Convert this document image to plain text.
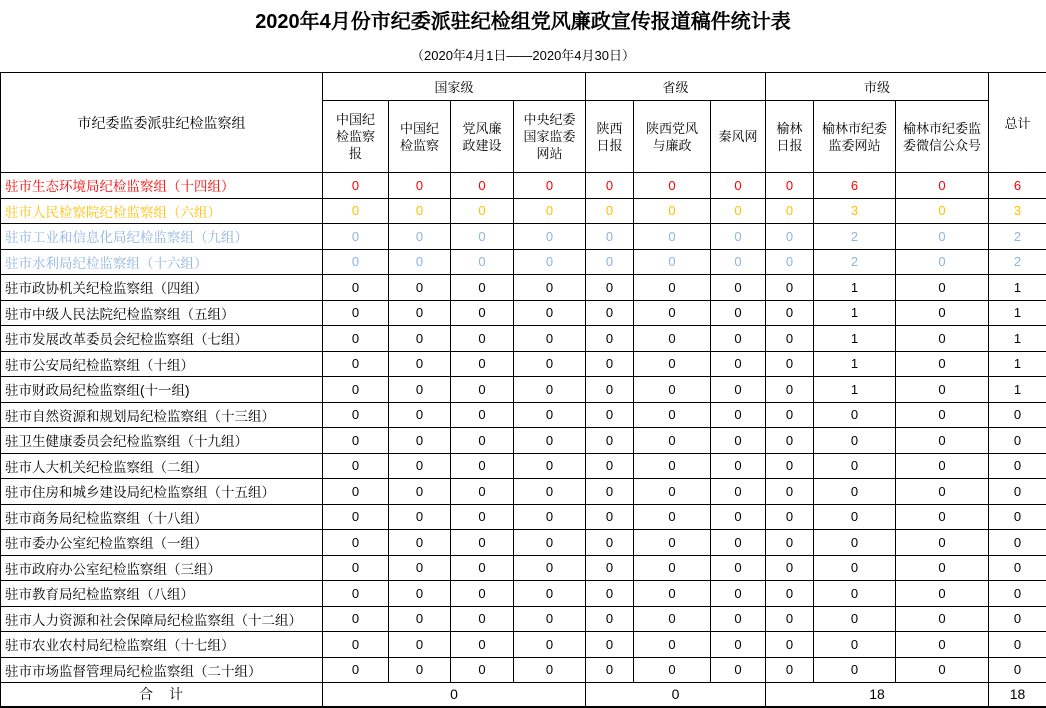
2020年4月份市纪委派驻纪检组党风廉政宣传报道稿件统计表
（2020年4月1日——2020年4月30日）
市纪委监委派驻纪检监察组	国家级				省级			市级			总计
	中国纪检监察报	中国纪检监察	党风廉政建设	中央纪委国家监委网站	陕西日报	陕西党风与廉政	秦风网	榆林日报	榆林市纪委监委网站	榆林市纪委监委微信公众号	
驻市生态环境局纪检监察组（十四组）	0	0	0	0	0	0	0	0	6	0	6
驻市人民检察院纪检监察组（六组）	0	0	0	0	0	0	0	0	3	0	3
驻市工业和信息化局纪检监察组（九组）	0	0	0	0	0	0	0	0	2	0	2
驻市水利局纪检监察组（十六组）	0	0	0	0	0	0	0	0	2	0	2
驻市政协机关纪检监察组（四组）	0	0	0	0	0	0	0	0	1	0	1
驻市中级人民法院纪检监察组（五组）	0	0	0	0	0	0	0	0	1	0	1
驻市发展改革委员会纪检监察组（七组）	0	0	0	0	0	0	0	0	1	0	1
驻市公安局纪检监察组（十组）	0	0	0	0	0	0	0	0	1	0	1
驻市财政局纪检监察组(十一组)	0	0	0	0	0	0	0	0	1	0	1
驻市自然资源和规划局纪检监察组（十三组）	0	0	0	0	0	0	0	0	0	0	0
驻卫生健康委员会纪检监察组（十九组）	0	0	0	0	0	0	0	0	0	0	0
驻市人大机关纪检监察组（二组）	0	0	0	0	0	0	0	0	0	0	0
驻市住房和城乡建设局纪检监察组（十五组）	0	0	0	0	0	0	0	0	0	0	0
驻市商务局纪检监察组（十八组）	0	0	0	0	0	0	0	0	0	0	0
驻市委办公室纪检监察组（一组）	0	0	0	0	0	0	0	0	0	0	0
驻市政府办公室纪检监察组（三组）	0	0	0	0	0	0	0	0	0	0	0
驻市教育局纪检监察组（八组）	0	0	0	0	0	0	0	0	0	0	0
驻市人力资源和社会保障局纪检监察组（十二组）	0	0	0	0	0	0	0	0	0	0	0
驻市农业农村局纪检监察组（十七组）	0	0	0	0	0	0	0	0	0	0	0
驻市市场监督管理局纪检监察组（二十组）	0	0	0	0	0	0	0	0	0	0	0
合　计	0				0			18			18
